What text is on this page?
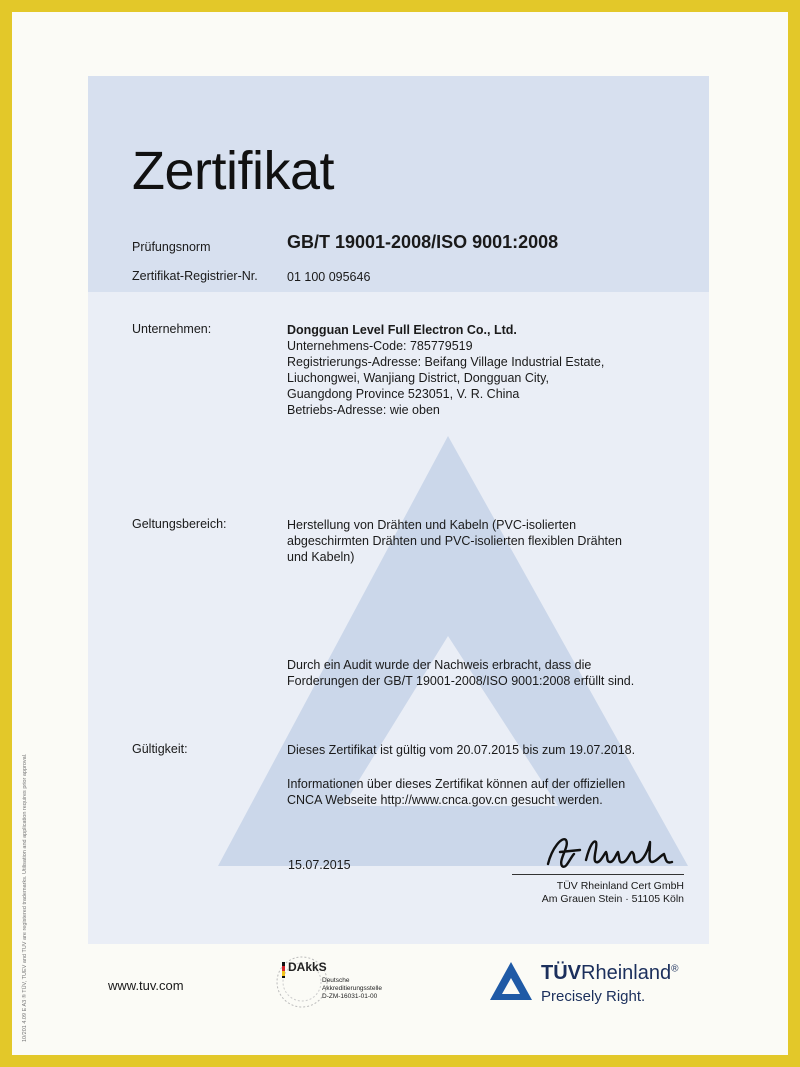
Zertifikat
Prüfungsnorm	GB/T 19001-2008/ISO 9001:2008
Zertifikat-Registrier-Nr. 01 100 095646
Unternehmen:	Dongguan Level Full Electron Co., Ltd.
Unternehmens-Code: 785779519
Registrierungs-Adresse: Beifang Village Industrial Estate,
Liuchongwei, Wanjiang District, Dongguan City,
Guangdong Province 523051, V. R. China
Betriebs-Adresse: wie oben
Geltungsbereich:	Herstellung von Drähten und Kabeln (PVC-isolierten
abgeschirmten Drähten und PVC-isolierten flexiblen Drähten
und Kabeln)
Durch ein Audit wurde der Nachweis erbracht, dass die
Forderungen der GB/T 19001-2008/ISO 9001:2008 erfüllt sind.
Gültigkeit:	Dieses Zertifikat ist gültig vom 20.07.2015 bis zum 19.07.2018.
Informationen über dieses Zertifikat können auf der offiziellen
CNCA Webseite http://www.cnca.gov.cn gesucht werden.
15.07.2015
TÜV Rheinland Cert GmbH
Am Grauen Stein · 51105 Köln
www.tuv.com
DAkkS
Deutsche
Akkreditierungsstelle
D-ZM-16031-01-00
TÜVRheinland®
Precisely Right.
10/201 4.09 E A3 ® TÜV, TUEV and TUV are registered trademarks. Utilisation and application requires prior approval.
